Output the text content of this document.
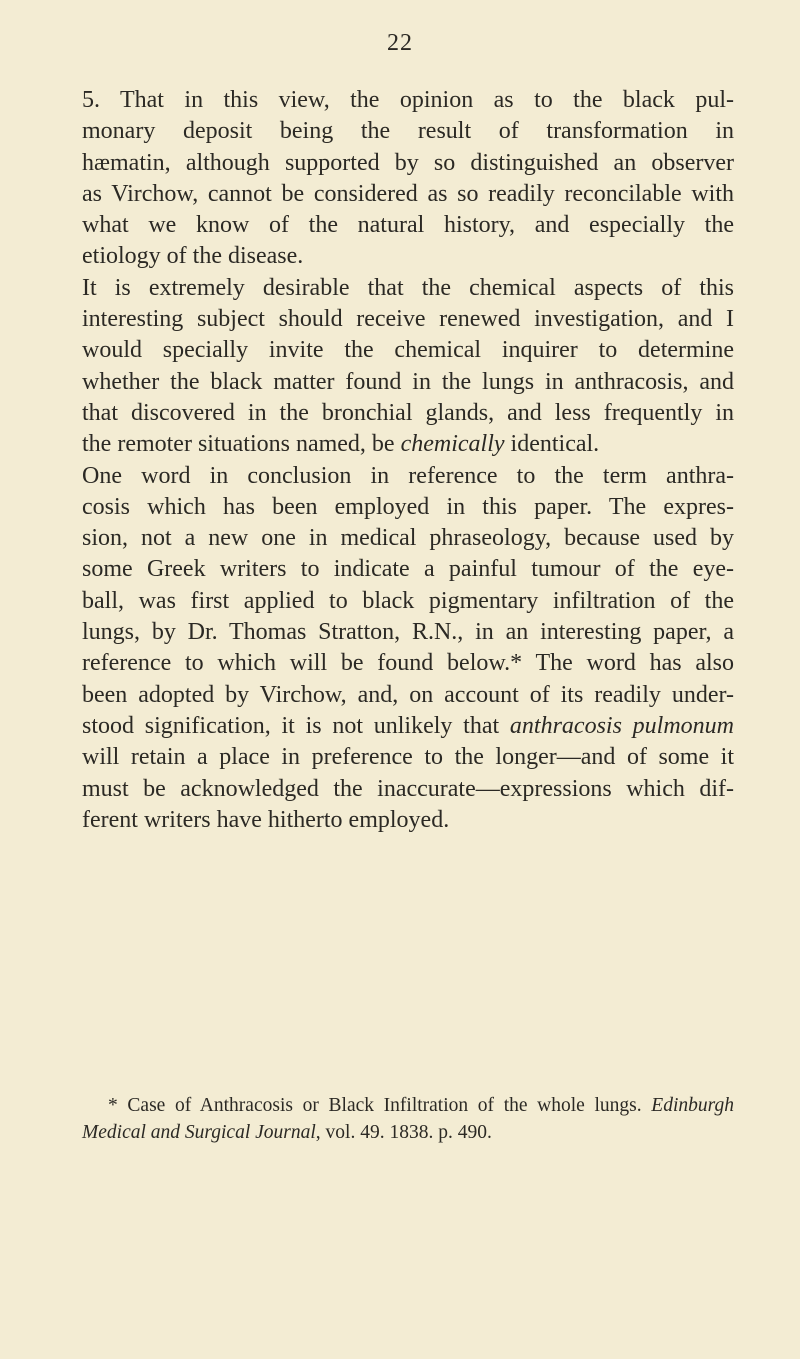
22
5. That in this view, the opinion as to the black pul-
monary deposit being the result of transformation in
hæmatin, although supported by so distinguished an observer
as Virchow, cannot be considered as so readily reconcilable with
what we know of the natural history, and especially the
etiology of the disease.
It is extremely desirable that the chemical aspects of this
interesting subject should receive renewed investigation, and I
would specially invite the chemical inquirer to determine
whether the black matter found in the lungs in anthracosis, and
that discovered in the bronchial glands, and less frequently in
the remoter situations named, be chemically identical.
One word in conclusion in reference to the term anthra-
cosis which has been employed in this paper. The expres-
sion, not a new one in medical phraseology, because used by
some Greek writers to indicate a painful tumour of the eye-
ball, was first applied to black pigmentary infiltration of the
lungs, by Dr. Thomas Stratton, R.N., in an interesting paper, a
reference to which will be found below.* The word has also
been adopted by Virchow, and, on account of its readily under-
stood signification, it is not unlikely that anthracosis pulmonum
will retain a place in preference to the longer—and of some it
must be acknowledged the inaccurate—expressions which dif-
ferent writers have hitherto employed.
* Case of Anthracosis or Black Infiltration of the whole lungs. Edinburgh
Medical and Surgical Journal, vol. 49. 1838. p. 490.
